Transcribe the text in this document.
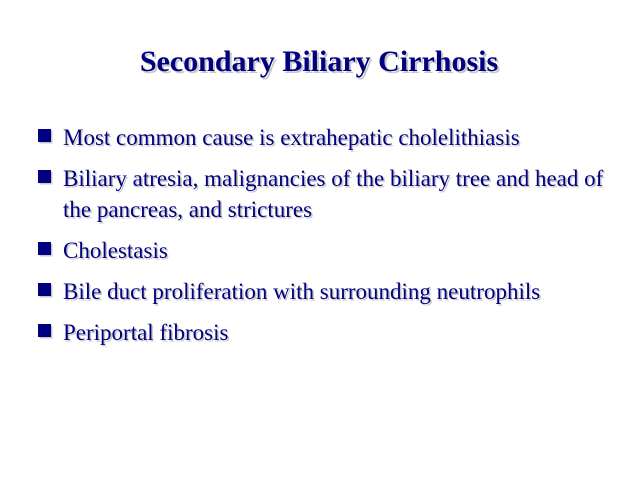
Secondary Biliary Cirrhosis
Most common cause is extrahepatic cholelithiasis
Biliary atresia, malignancies of the biliary tree and head of the pancreas, and strictures
Cholestasis
Bile duct proliferation with surrounding neutrophils
Periportal fibrosis
